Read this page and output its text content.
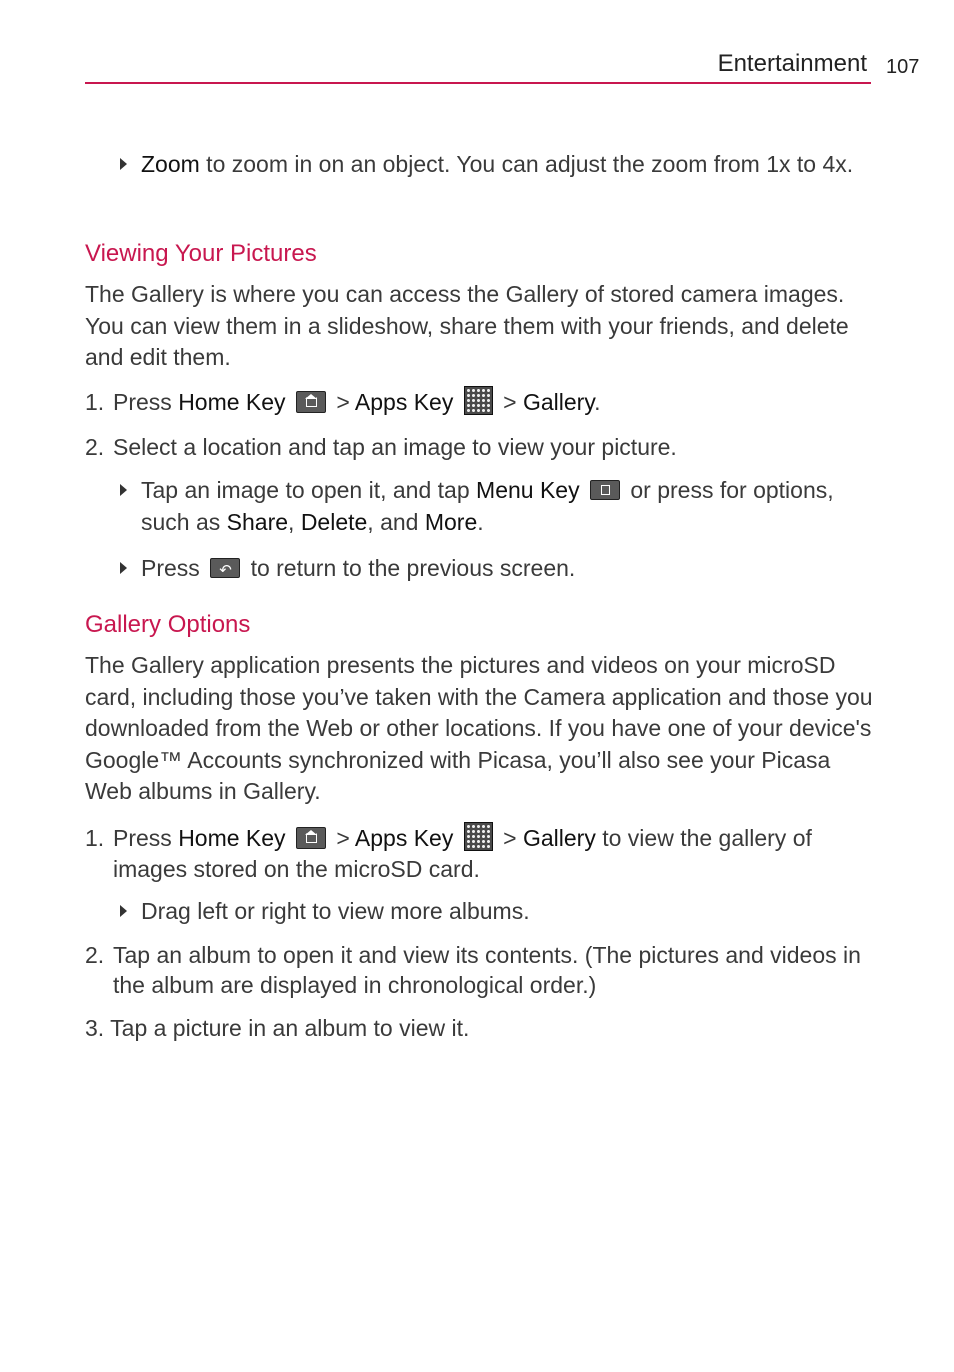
Entertainment 107
Zoom to zoom in on an object. You can adjust the zoom from 1x to 4x.
Viewing Your Pictures
The Gallery is where you can access the Gallery of stored camera images. You can view them in a slideshow, share them with your friends, and delete and edit them.
1. Press Home Key  > Apps Key  > Gallery.
2. Select a location and tap an image to view your picture.
Tap an image to open it, and tap Menu Key  or press for options, such as Share, Delete, and More.
Press ↶ to return to the previous screen.
Gallery Options
The Gallery application presents the pictures and videos on your microSD card, including those you’ve taken with the Camera application and those you downloaded from the Web or other locations. If you have one of your device's Google™ Accounts synchronized with Picasa, you’ll also see your Picasa Web albums in Gallery.
1. Press Home Key  > Apps Key  > Gallery to view the gallery of images stored on the microSD card.
Drag left or right to view more albums.
2. Tap an album to open it and view its contents. (The pictures and videos in the album are displayed in chronological order.)
3. Tap a picture in an album to view it.
